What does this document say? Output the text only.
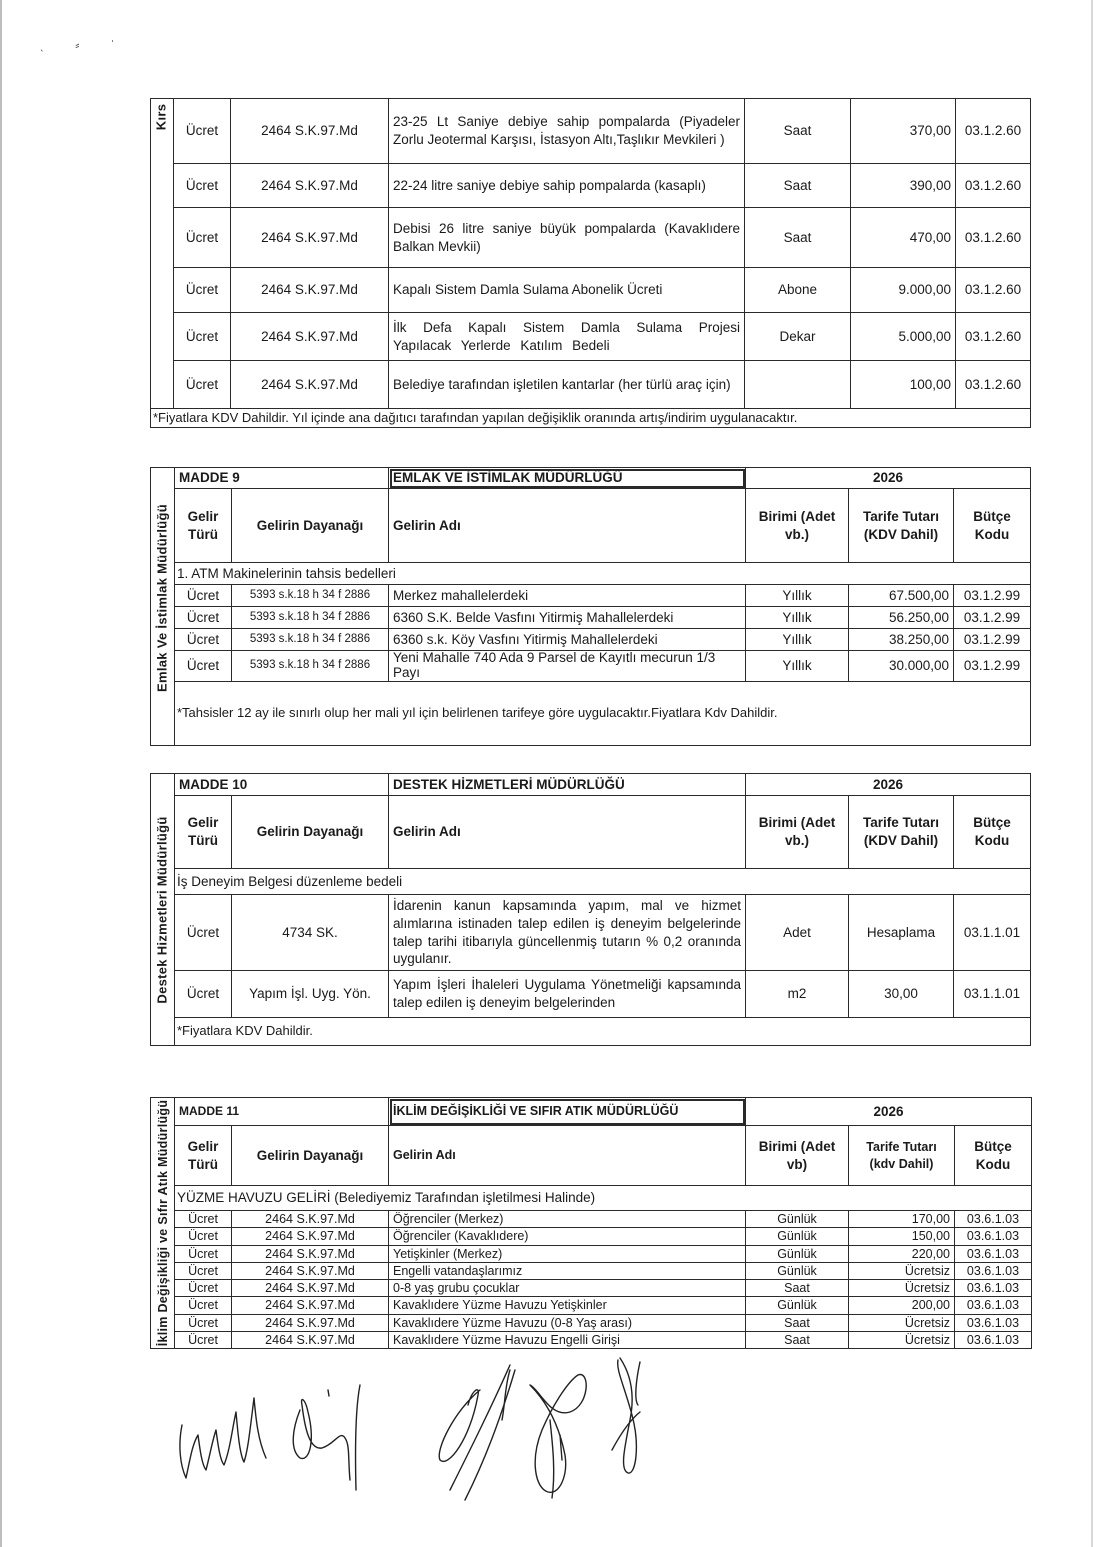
ˎ ⸗ ˈ
Kırs	Ücret	2464 S.K.97.Md	23-25 Lt Saniye debiye sahip pompalarda (Piyadeler Zorlu Jeotermal Karşısı, İstasyon Altı,Taşlıkır Mevkileri )	Saat	370,00	03.1.2.60
	Ücret	2464 S.K.97.Md	22-24 litre saniye debiye sahip pompalarda (kasaplı)	Saat	390,00	03.1.2.60
	Ücret	2464 S.K.97.Md	Debisi 26 litre saniye büyük pompalarda (Kavaklıdere Balkan Mevkii)	Saat	470,00	03.1.2.60
	Ücret	2464 S.K.97.Md	Kapalı Sistem Damla Sulama Abonelik Ücreti	Abone	9.000,00	03.1.2.60
	Ücret	2464 S.K.97.Md	İlk Defa Kapalı Sistem Damla Sulama Projesi Yapılacak Yerlerde Katılım Bedeli	Dekar	5.000,00	03.1.2.60
	Ücret	2464 S.K.97.Md	Belediye tarafından işletilen kantarlar (her türlü araç için)		100,00	03.1.2.60
*Fiyatlara KDV Dahildir. Yıl içinde ana dağıtıcı tarafından yapılan değişiklik oranında artış/indirim uygulanacaktır.						
Emlak Ve İstimlak Müdürlüğü	MADDE 9		EMLAK VE İSTİMLAK MÜDÜRLÜĞÜ	2026		
	Gelir Türü	Gelirin Dayanağı	Gelirin Adı	Birimi (Adet vb.)	Tarife Tutarı (KDV Dahil)	Bütçe Kodu
	1. ATM Makinelerinin tahsis bedelleri					
	Ücret	5393 s.k.18 h 34 f 2886	Merkez mahallelerdeki	Yıllık	67.500,00	03.1.2.99
	Ücret	5393 s.k.18 h 34 f 2886	6360 S.K. Belde Vasfını Yitirmiş Mahallelerdeki	Yıllık	56.250,00	03.1.2.99
	Ücret	5393 s.k.18 h 34 f 2886	6360 s.k. Köy Vasfını Yitirmiş Mahallelerdeki	Yıllık	38.250,00	03.1.2.99
	Ücret	5393 s.k.18 h 34 f 2886	Yeni Mahalle 740 Ada 9 Parsel de Kayıtlı mecurun 1/3 Payı	Yıllık	30.000,00	03.1.2.99
	*Tahsisler 12 ay ile sınırlı olup her mali yıl için belirlenen tarifeye göre uygulacaktır.Fiyatlara Kdv Dahildir.					
Destek Hizmetleri Müdürlüğü	MADDE 10		DESTEK HİZMETLERİ MÜDÜRLÜĞÜ	2026		
	Gelir Türü	Gelirin Dayanağı	Gelirin Adı	Birimi (Adet vb.)	Tarife Tutarı (KDV Dahil)	Bütçe Kodu
	İş Deneyim Belgesi düzenleme bedeli					
	Ücret	4734 SK.	İdarenin kanun kapsamında yapım, mal ve hizmet alımlarına istinaden talep edilen iş deneyim belgelerinde talep tarihi itibarıyla güncellenmiş tutarın % 0,2 oranında uygulanır.	Adet	Hesaplama	03.1.1.01
	Ücret	Yapım İşl. Uyg. Yön.	Yapım İşleri İhaleleri Uygulama Yönetmeliği kapsamında talep edilen iş deneyim belgelerinden	m2	30,00	03.1.1.01
	*Fiyatlara KDV Dahildir.					
İklim Değişikliği ve Sıfır Atık Müdürlüğü	MADDE 11		İKLİM DEĞİŞİKLİĞİ VE SIFIR ATIK MÜDÜRLÜĞÜ	2026		
	Gelir Türü	Gelirin Dayanağı	Gelirin Adı	Birimi (Adet vb)	Tarife Tutarı (kdv Dahil)	Bütçe Kodu
	YÜZME HAVUZU GELİRİ (Belediyemiz Tarafından işletilmesi Halinde)					
	Ücret	2464 S.K.97.Md	Öğrenciler (Merkez)	Günlük	170,00	03.6.1.03
	Ücret	2464 S.K.97.Md	Öğrenciler (Kavaklıdere)	Günlük	150,00	03.6.1.03
	Ücret	2464 S.K.97.Md	Yetişkinler (Merkez)	Günlük	220,00	03.6.1.03
	Ücret	2464 S.K.97.Md	Engelli vatandaşlarımız	Günlük	Ücretsiz	03.6.1.03
	Ücret	2464 S.K.97.Md	0-8 yaş grubu çocuklar	Saat	Ücretsiz	03.6.1.03
	Ücret	2464 S.K.97.Md	Kavaklıdere Yüzme Havuzu Yetişkinler	Günlük	200,00	03.6.1.03
	Ücret	2464 S.K.97.Md	Kavaklıdere Yüzme Havuzu (0-8 Yaş arası)	Saat	Ücretsiz	03.6.1.03
	Ücret	2464 S.K.97.Md	Kavaklıdere Yüzme Havuzu Engelli Girişi	Saat	Ücretsiz	03.6.1.03
